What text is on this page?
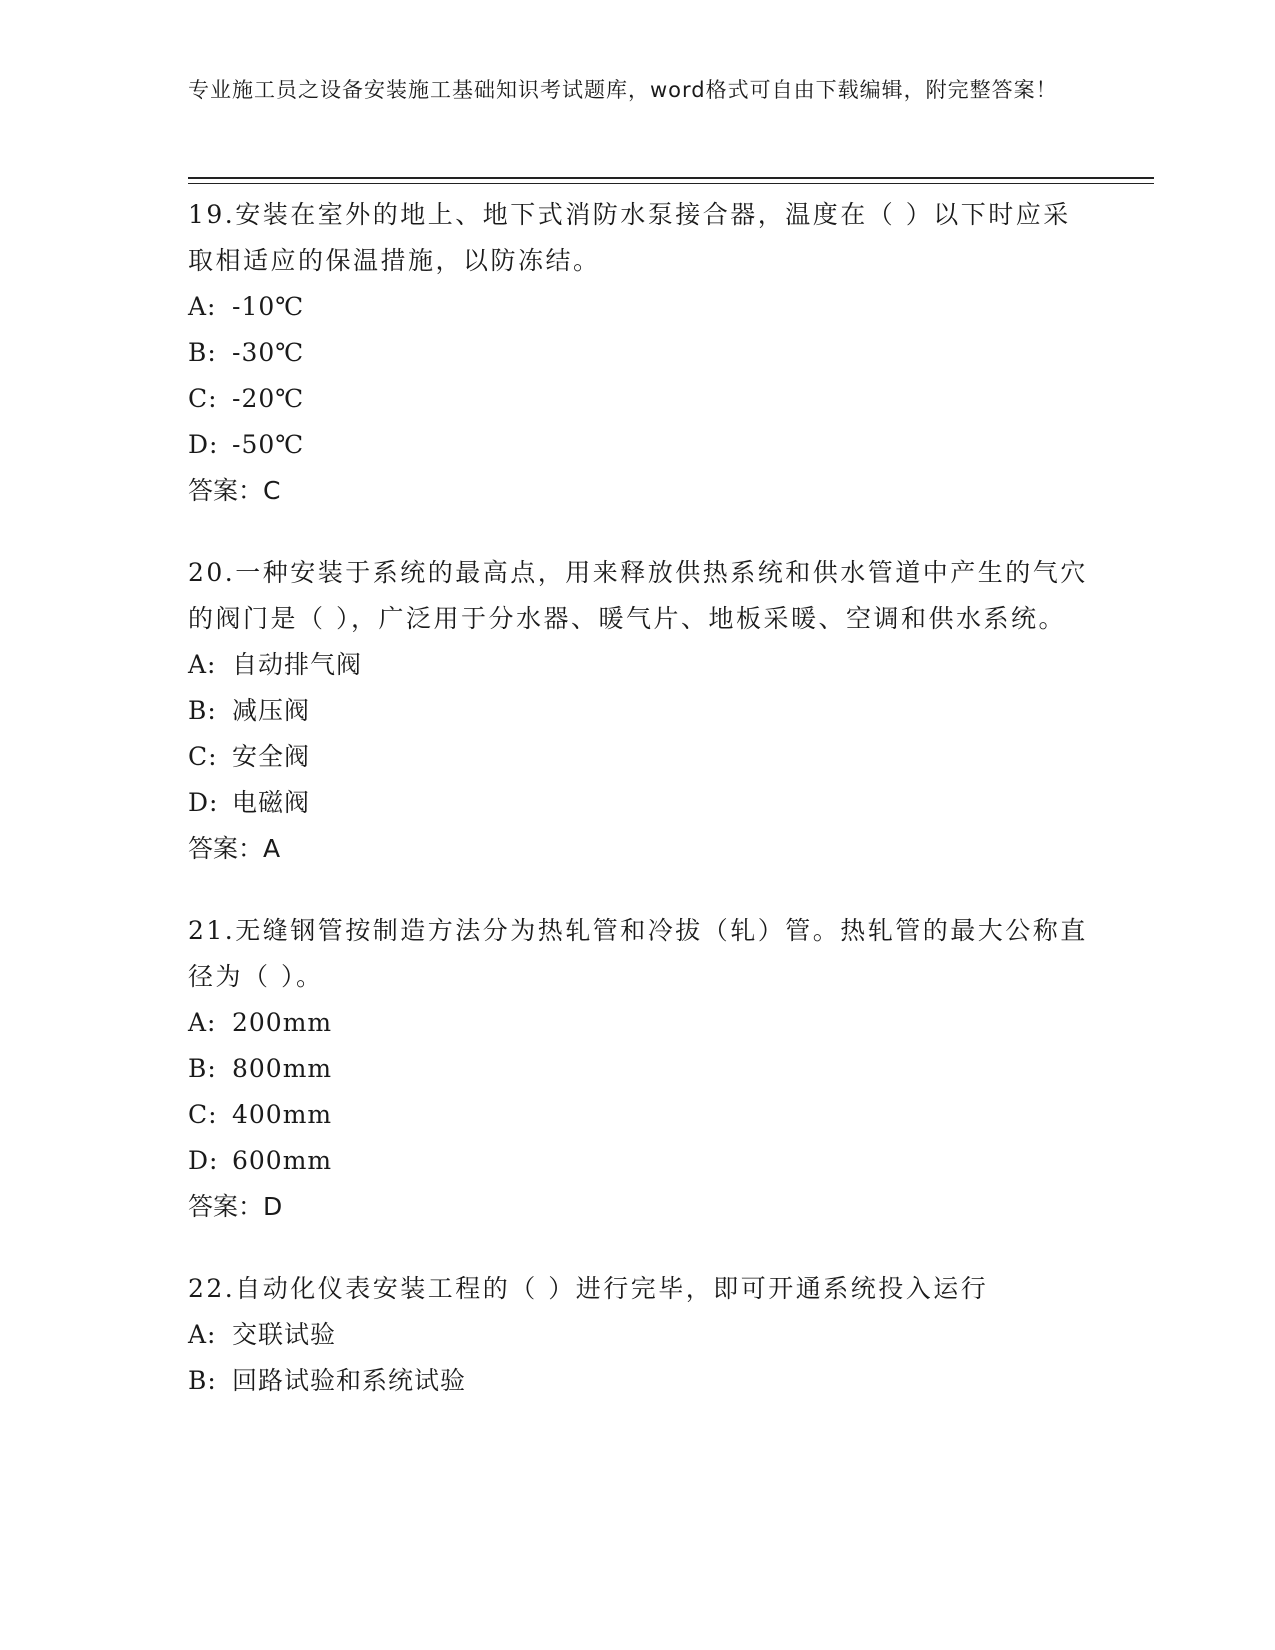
专业施工员之设备安装施工基础知识考试题库，word格式可自由下载编辑，附完整答案！

19.安装在室外的地上、地下式消防水泵接合器，温度在（ ）以下时应采取相适应的保温措施，以防冻结。

A: -10℃

B: -30℃

C: -20℃

D: -50℃

答案：C

20.一种安装于系统的最高点，用来释放供热系统和供水管道中产生的气穴的阀门是（ ），广泛用于分水器、暖气片、地板采暖、空调和供水系统。

A: 自动排气阀

B: 减压阀

C: 安全阀

D: 电磁阀

答案：A

21.无缝钢管按制造方法分为热轧管和冷拔（轧）管。热轧管的最大公称直径为（ ）。

A: 200mm

B: 800mm

C: 400mm

D: 600mm

答案：D

22.自动化仪表安装工程的（ ）进行完毕，即可开通系统投入运行

A: 交联试验

B: 回路试验和系统试验
